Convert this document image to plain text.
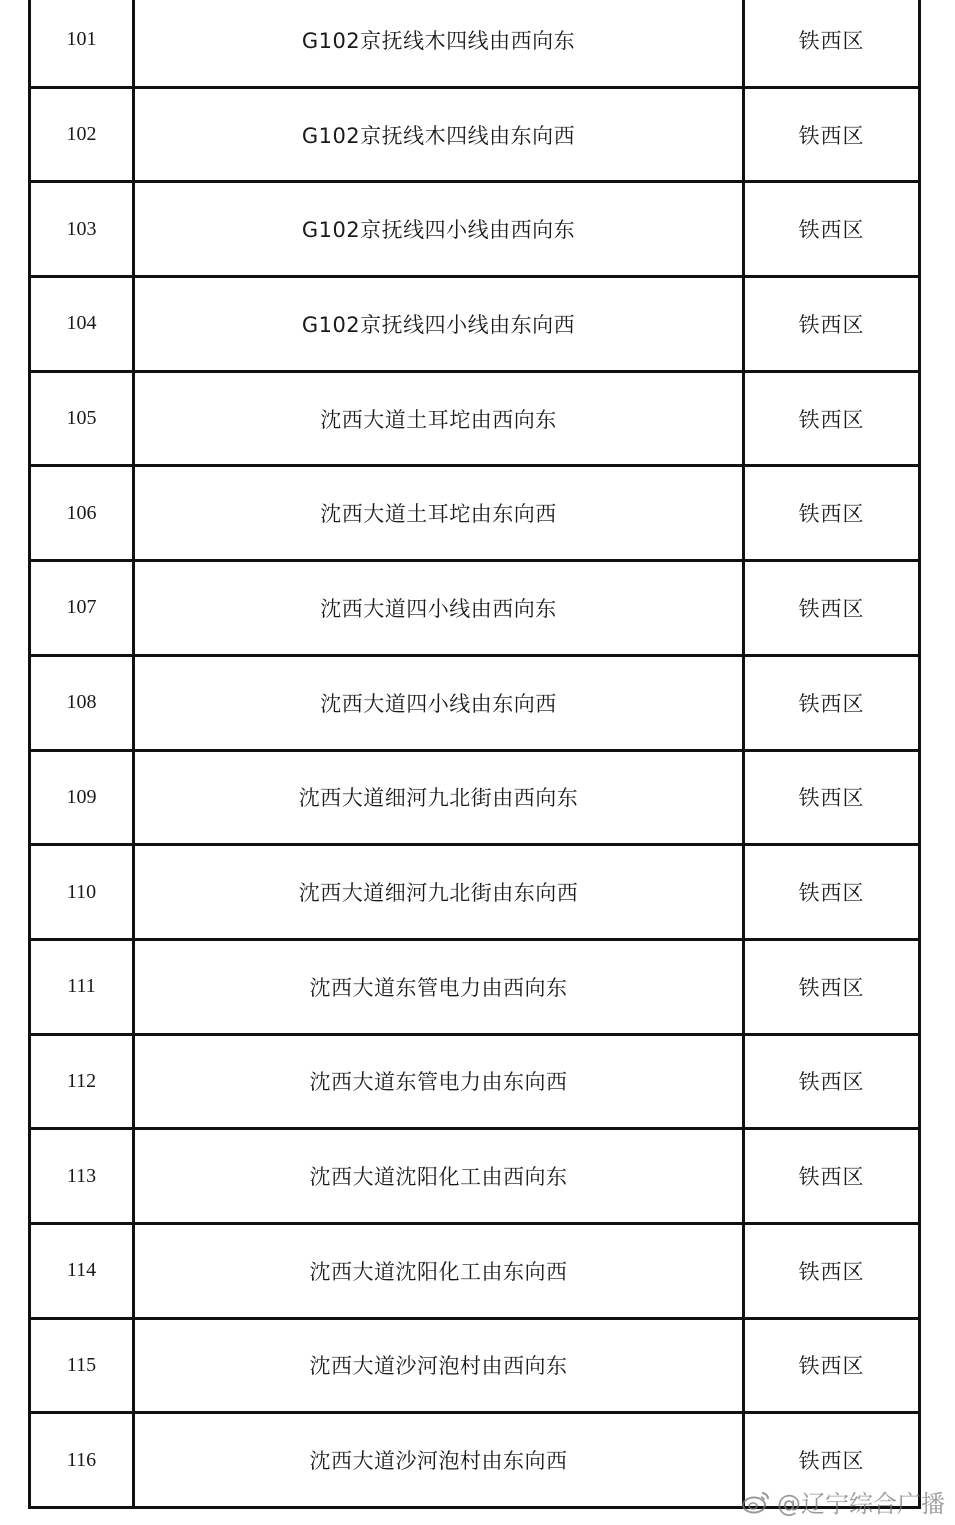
101	G102京抚线木四线由西向东	铁西区
102	G102京抚线木四线由东向西	铁西区
103	G102京抚线四小线由西向东	铁西区
104	G102京抚线四小线由东向西	铁西区
105	沈西大道土耳坨由西向东	铁西区
106	沈西大道土耳坨由东向西	铁西区
107	沈西大道四小线由西向东	铁西区
108	沈西大道四小线由东向西	铁西区
109	沈西大道细河九北街由西向东	铁西区
110	沈西大道细河九北街由东向西	铁西区
111	沈西大道东管电力由西向东	铁西区
112	沈西大道东管电力由东向西	铁西区
113	沈西大道沈阳化工由西向东	铁西区
114	沈西大道沈阳化工由东向西	铁西区
115	沈西大道沙河泡村由西向东	铁西区
116	沈西大道沙河泡村由东向西	铁西区
@辽宁综合广播
